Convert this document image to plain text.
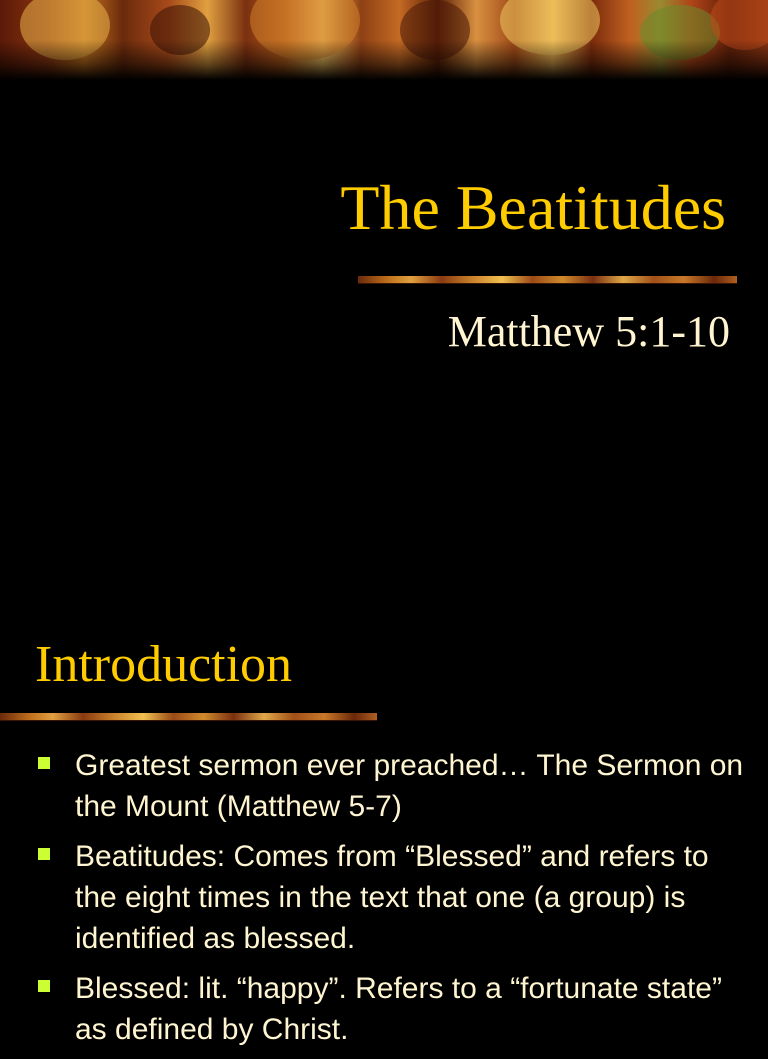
The Beatitudes
Matthew 5:1-10
Introduction
Greatest sermon ever preached… The Sermon on the Mount (Matthew 5-7)
Beatitudes: Comes from “Blessed” and refers to the eight times in the text that one (a group) is identified as blessed.
Blessed: lit. “happy”. Refers to a “fortunate state” as defined by Christ.
